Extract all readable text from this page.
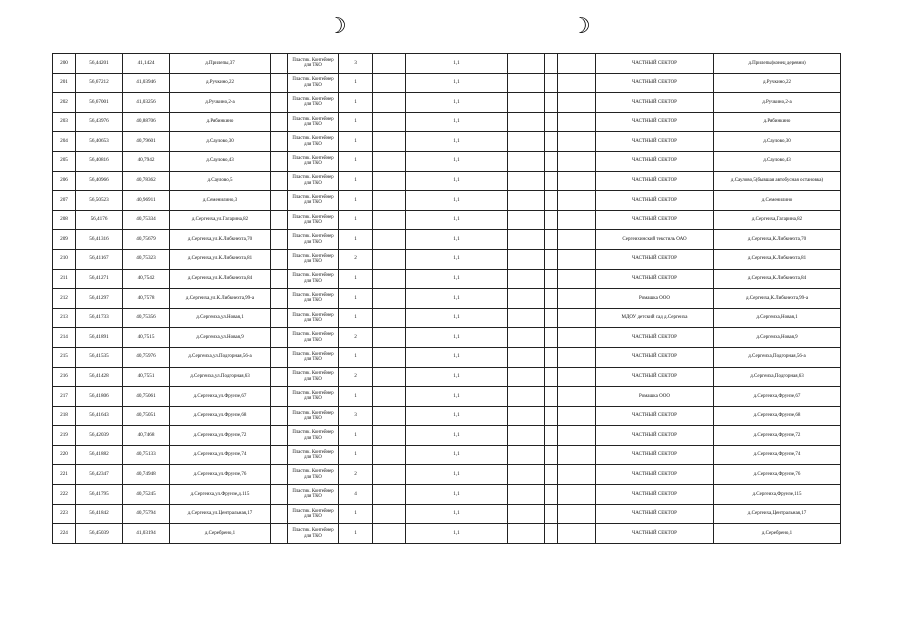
☽	☽
200	56,44201	41,1424	д.Прилепы,37		Пластик. Контейнер для ТКО	3		1,1				ЧАСТНЫЙ СЕКТОР	д.Прилепы(конец деревни)
201	56,67212	41,03946	д.Ручкино,22		Пластик. Контейнер для ТКО	1		1,1				ЧАСТНЫЙ СЕКТОР	д.Ручкино,22
202	56,67001	41,03256	д.Ручкино,2-а		Пластик. Контейнер для ТКО	1		1,1				ЧАСТНЫЙ СЕКТОР	д.Ручкино,2-а
203	56,43976	40,88706	д.Рябинкино		Пластик. Контейнер для ТКО	1		1,1				ЧАСТНЫЙ СЕКТОР	д.Рябинкино
204	56,40653	40,79601	д.Саулово,30		Пластик. Контейнер для ТКО	1		1,1				ЧАСТНЫЙ СЕКТОР	д.Саулово,30
205	56,40816	40,7942	д.Саулово,43		Пластик. Контейнер для ТКО	1		1,1				ЧАСТНЫЙ СЕКТОР	д.Саулово,43
206	56,40966	40,78362	д.Саулово,5		Пластик. Контейнер для ТКО	1		1,1				ЧАСТНЫЙ СЕКТОР	д.Саулово,5(бывшая автобусная остановка)
207	56,50523	40,96911	д.Семенилино,3		Пластик. Контейнер для ТКО	1		1,1				ЧАСТНЫЙ СЕКТОР	д.Семенилино
208	56,4176	40,75334	д.Сергеиха,ул.Гагарина,82		Пластик. Контейнер для ТКО	1		1,1				ЧАСТНЫЙ СЕКТОР	д.Сергеиха,Гагарина,82
209	56,41316	40,75679	д.Сергеиха,ул.К.Либкнехта,70		Пластик. Контейнер для ТКО	1		1,1				Сергеихинский текстиль ОАО	д.Сергеиха,К.Либкнехта,70
210	56,41167	40,75323	д.Сергеиха,ул.К.Либкнехта,81		Пластик. Контейнер для ТКО	2		1,1				ЧАСТНЫЙ СЕКТОР	д.Сергеиха,К.Либкнехта,81
211	56,41271	40,7542	д.Сергеиха,ул.К.Либкнехта,84		Пластик. Контейнер для ТКО	1		1,1				ЧАСТНЫЙ СЕКТОР	д.Сергеиха,К.Либкнехта,84
212	56,41297	40,7578	д.Сергеиха,ул.К.Либкнехта,99-а		Пластик. Контейнер для ТКО	1		1,1				Ромашка ООО	д.Сергеиха,К.Либкнехта,99-а
213	56,41733	40,75356	д.Сергеиха,ул.Новая,1		Пластик. Контейнер для ТКО	1		1,1				МДОУ детский сад д.Сергеиха	д.Сергеиха,Новая,1
214	56,41891	40,7515	д.Сергеиха,ул.Новая,9		Пластик. Контейнер для ТКО	2		1,1				ЧАСТНЫЙ СЕКТОР	д.Сергеиха,Новая,9
215	56,41535	40,75976	д.Сергеиха,ул.Подгорная,56-а		Пластик. Контейнер для ТКО	1		1,1				ЧАСТНЫЙ СЕКТОР	д.Сергеиха,Подгорная,56-а
216	56,41428	40,7551	д.Сергеиха,ул.Подгорная,63		Пластик. Контейнер для ТКО	2		1,1				ЧАСТНЫЙ СЕКТОР	д.Сергеиха,Подгорная,63
217	56,41806	40,75061	д.Сергеиха,ул.Фрунзе,67		Пластик. Контейнер для ТКО	1		1,1				Ромашка ООО	д.Сергеиха,Фрунзе,67
218	56,41643	40,75051	д.Сергеиха,ул.Фрунзе,68		Пластик. Контейнер для ТКО	3		1,1				ЧАСТНЫЙ СЕКТОР	д.Сергеиха,Фрунзе,68
219	56,42039	40,7468	д.Сергеиха,ул.Фрунзе,72		Пластик. Контейнер для ТКО	1		1,1				ЧАСТНЫЙ СЕКТОР	д.Сергеиха,Фрунзе,72
220	56,41882	40,75133	д.Сергеиха,ул.Фрунзе,74		Пластик. Контейнер для ТКО	1		1,1				ЧАСТНЫЙ СЕКТОР	д.Сергеиха,Фрунзе,74
221	56,42347	40,74948	д.Сергеиха,ул.Фрунзе,76		Пластик. Контейнер для ТКО	2		1,1				ЧАСТНЫЙ СЕКТОР	д.Сергеиха,Фрунзе,76
222	56,41795	40,75245	д.Сергеиха,ул.Фрунзе,д.115		Пластик. Контейнер для ТКО	4		1,1				ЧАСТНЫЙ СЕКТОР	д.Сергеиха,Фрунзе,115
223	56,41842	40,75794	д.Сергеиха,ул.Центральная,17		Пластик. Контейнер для ТКО	1		1,1				ЧАСТНЫЙ СЕКТОР	д.Сергеиха,Центральная,17
224	56,45039	41,03194	д.Серебрено,1		Пластик. Контейнер для ТКО	1		1,1				ЧАСТНЫЙ СЕКТОР	д.Серебрено,1
